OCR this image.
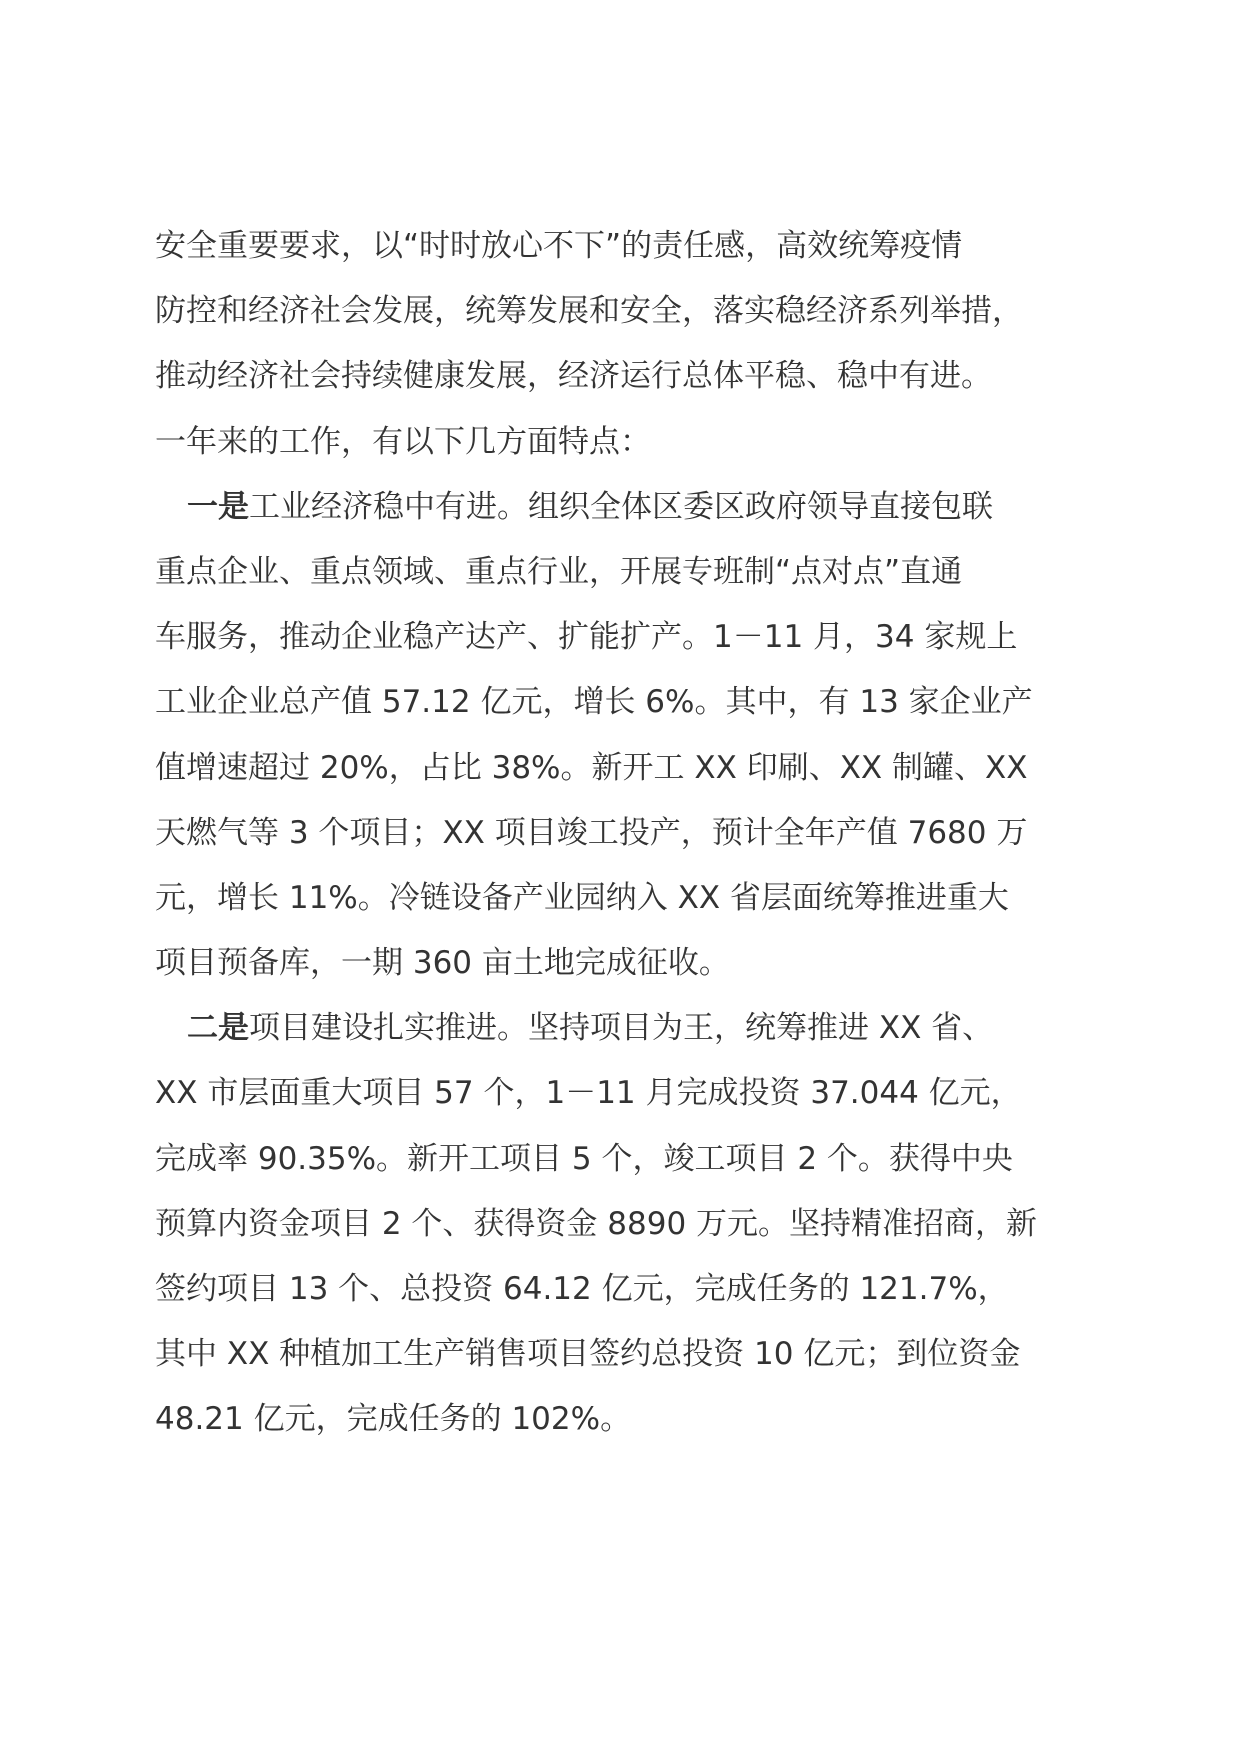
安全重要要求，以“时时放心不下”的责任感，高效统筹疫情
防控和经济社会发展，统筹发展和安全，落实稳经济系列举措，
推动经济社会持续健康发展，经济运行总体平稳、稳中有进。
一年来的工作，有以下几方面特点：
一是工业经济稳中有进。组织全体区委区政府领导直接包联
重点企业、重点领域、重点行业，开展专班制“点对点”直通
车服务，推动企业稳产达产、扩能扩产。1－11 月，34 家规上
工业企业总产值 57.12 亿元，增长 6%。其中，有 13 家企业产
值增速超过 20%，占比 38%。新开工 XX 印刷、XX 制罐、XX
天燃气等 3 个项目；XX 项目竣工投产，预计全年产值 7680 万
元，增长 11%。冷链设备产业园纳入 XX 省层面统筹推进重大
项目预备库，一期 360 亩土地完成征收。
二是项目建设扎实推进。坚持项目为王，统筹推进 XX 省、
XX 市层面重大项目 57 个，1－11 月完成投资 37.044 亿元，
完成率 90.35%。新开工项目 5 个，竣工项目 2 个。获得中央
预算内资金项目 2 个、获得资金 8890 万元。坚持精准招商，新
签约项目 13 个、总投资 64.12 亿元，完成任务的 121.7%，
其中 XX 种植加工生产销售项目签约总投资 10 亿元；到位资金
48.21 亿元，完成任务的 102%。
